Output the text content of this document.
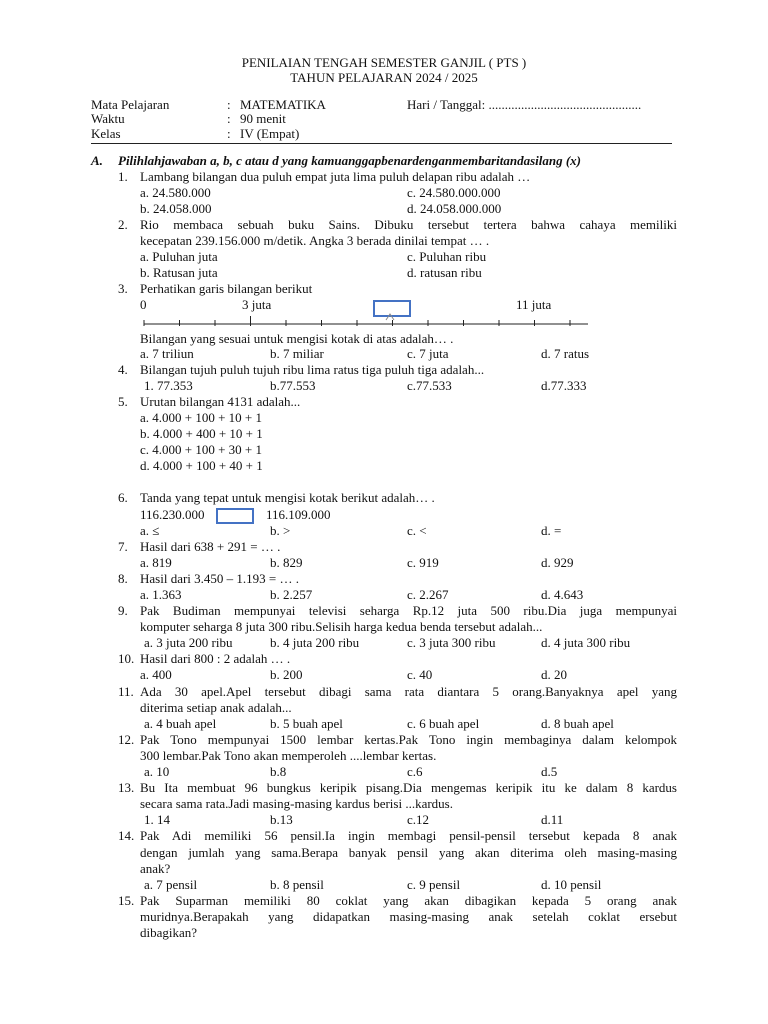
PENILAIAN TENGAH SEMESTER GANJIL ( PTS )
TAHUN PELAJARAN 2024 / 2025
Mata Pelajaran	: MATEMATIKA	Hari / Tanggal: ...............................................
Waktu	: 90 menit
Kelas	: IV (Empat)
A. Pilihlahjawaban a, b, c atau d yang kamuanggapbenardenganmembaritandasilang (x)
1. Lambang bilangan dua puluh empat juta lima puluh delapan ribu adalah …
a. 24.580.000	c. 24.580.000.000
b. 24.058.000	d. 24.058.000.000
2. Rio membaca sebuah buku Sains. Dibuku tersebut tertera bahwa cahaya memiliki
kecepatan 239.156.000 m/detik. Angka 3 berada dinilai tempat … .
a. Puluhan juta	c. Puluhan ribu
b. Ratusan juta	d. ratusan ribu
3. Perhatikan garis bilangan berikut
Bilangan yang sesuai untuk mengisi kotak di atas adalah… .
a. 7 triliun	b. 7 miliar	c. 7 juta	d. 7 ratus
4. Bilangan tujuh puluh tujuh ribu lima ratus tiga puluh tiga adalah...
1. 77.353	b.77.553	c.77.533	d.77.333
5. Urutan bilangan 4131 adalah...
a. 4.000 + 100 + 10 + 1
b. 4.000 + 400 + 10 + 1
c. 4.000 + 100 + 30 + 1
d. 4.000 + 100 + 40 + 1
6. Tanda yang tepat untuk mengisi kotak berikut adalah… .
116.230.000	116.109.000
a. ≤	b. >	c. <	d. =
7. Hasil dari 638 + 291 = … .
a. 819	b. 829	c. 919	d. 929
8. Hasil dari 3.450 – 1.193 = … .
a. 1.363	b. 2.257	c. 2.267	d. 4.643
9. Pak Budiman mempunyai televisi seharga Rp.12 juta 500 ribu.Dia juga mempunyai
komputer seharga 8 juta 300 ribu.Selisih harga kedua benda tersebut adalah...
a. 3 juta 200 ribu	b. 4 juta 200 ribu	c. 3 juta 300 ribu	d. 4 juta 300 ribu
10. Hasil dari 800 : 2 adalah … .
a. 400	b. 200	c. 40	d. 20
11. Ada 30 apel.Apel tersebut dibagi sama rata diantara 5 orang.Banyaknya apel yang
diterima setiap anak adalah...
a. 4 buah apel	b. 5 buah apel	c. 6 buah apel	d. 8 buah apel
12. Pak Tono mempunyai 1500 lembar kertas.Pak Tono ingin membaginya dalam kelompok
300 lembar.Pak Tono akan memperoleh ....lembar kertas.
a. 10	b.8	c.6	d.5
13. Bu Ita membuat 96 bungkus keripik pisang.Dia mengemas keripik itu ke dalam 8 kardus
secara sama rata.Jadi masing-masing kardus berisi ...kardus.
1. 14	b.13	c.12	d.11
14. Pak Adi memiliki 56 pensil.Ia ingin membagi pensil-pensil tersebut kepada 8 anak
dengan jumlah yang sama.Berapa banyak pensil yang akan diterima oleh masing-masing
anak?
a. 7 pensil	b. 8 pensil	c. 9 pensil	d. 10 pensil
15. Pak Suparman memiliki 80 coklat yang akan dibagikan kepada 5 orang anak
muridnya.Berapakah yang didapatkan masing-masing anak setelah coklat ersebut
dibagikan?
0	3 juta	11 juta
